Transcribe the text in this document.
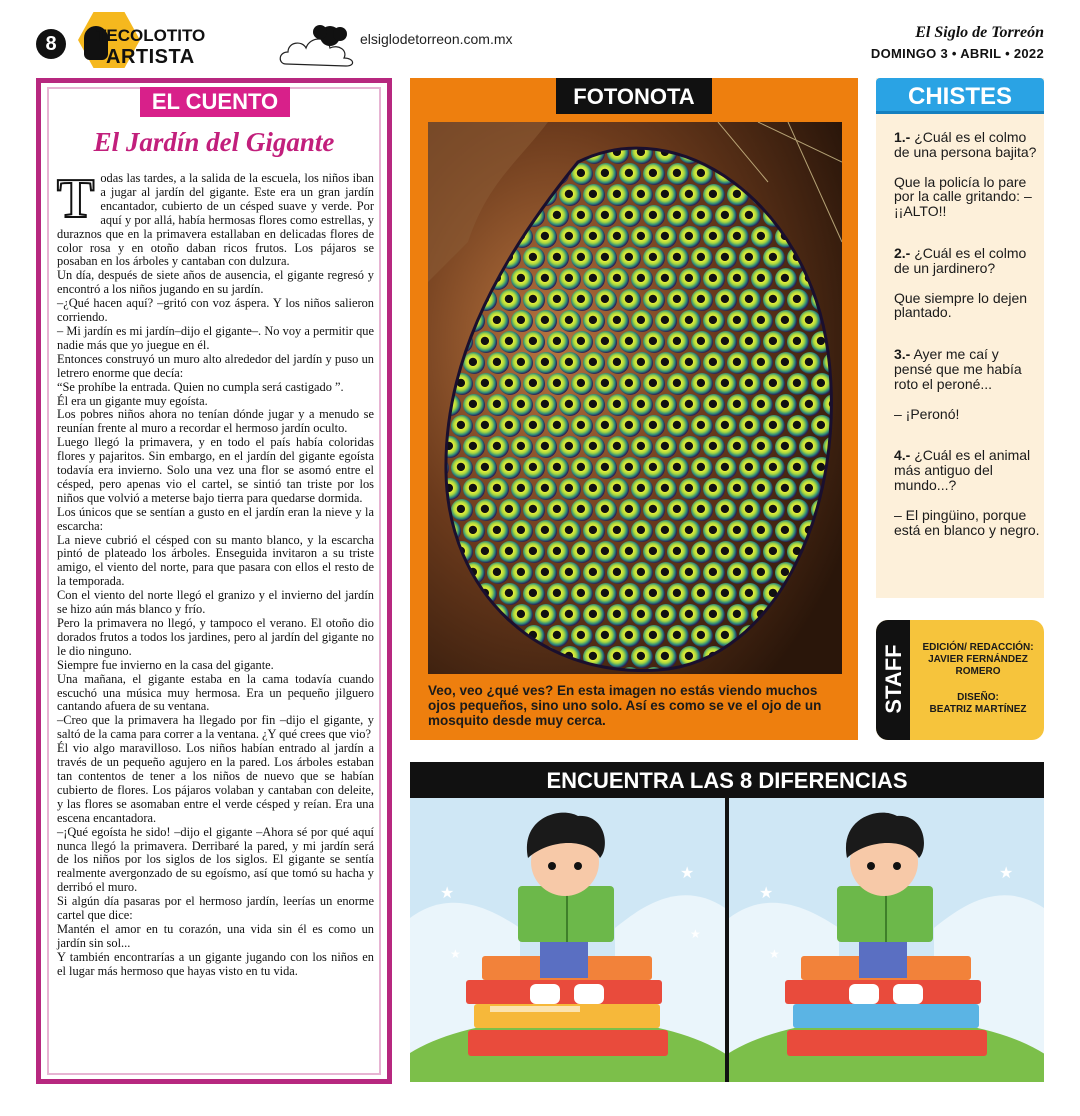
8	TECOLOTITO
ARTISTA
elsiglodetorreon.com.mx	El Siglo de Torreón
DOMINGO 3 • ABRIL • 2022
EL CUENTO
El Jardín del Gigante

Todas las tardes, a la salida de la escuela, los niños iban a jugar al jardín del gigante. Este era un gran jardín encantador, cubierto de un césped suave y verde. Por aquí y por allá, había hermosas flores como estrellas, y duraznos que en la primavera estallaban en delicadas flores de color rosa y en otoño daban ricos frutos. Los pájaros se posaban en los árboles y cantaban con dulzura.

Un día, después de siete años de ausencia, el gigante regresó y encontró a los niños jugando en su jardín.

–¿Qué hacen aquí? –gritó con voz áspera. Y los niños salieron corriendo.

– Mi jardín es mi jardín–dijo el gigante–. No voy a permitir que nadie más que yo juegue en él.

Entonces construyó un muro alto alrededor del jardín y puso un letrero enorme que decía:

“Se prohíbe la entrada. Quien no cumpla será castigado ”.

Él era un gigante muy egoísta.

Los pobres niños ahora no tenían dónde jugar y a menudo se reunían frente al muro a recordar el hermoso jardín oculto.

Luego llegó la primavera, y en todo el país había coloridas flores y pajaritos. Sin embargo, en el jardín del gigante egoísta todavía era invierno. Solo una vez una flor se asomó entre el césped, pero apenas vio el cartel, se sintió tan triste por los niños que volvió a meterse bajo tierra para quedarse dormida.

Los únicos que se sentían a gusto en el jardín eran la nieve y la escarcha:

La nieve cubrió el césped con su manto blanco, y la escarcha pintó de plateado los árboles. Enseguida invitaron a su triste amigo, el viento del norte, para que pasara con ellos el resto de la temporada.

Con el viento del norte llegó el granizo y el invierno del jardín se hizo aún más blanco y frío.

Pero la primavera no llegó, y tampoco el verano. El otoño dio dorados frutos a todos los jardines, pero al jardín del gigante no le dio ninguno.

Siempre fue invierno en la casa del gigante.

Una mañana, el gigante estaba en la cama todavía cuando escuchó una música muy hermosa. Era un pequeño jilguero cantando afuera de su ventana.

–Creo que la primavera ha llegado por fin –dijo el gigante, y saltó de la cama para correr a la ventana. ¿Y qué crees que vio?

Él vio algo maravilloso. Los niños habían entrado al jardín a través de un pequeño agujero en la pared. Los árboles estaban tan contentos de tener a los niños de nuevo que se habían cubierto de flores. Los pájaros volaban y cantaban con deleite, y las flores se asomaban entre el verde césped y reían. Era una escena encantadora.

–¡Qué egoísta he sido! –dijo el gigante –Ahora sé por qué aquí nunca llegó la primavera. Derribaré la pared, y mi jardín será de los niños por los siglos de los siglos. El gigante se sentía realmente avergonzado de su egoísmo, así que tomó su hacha y derribó el muro.

Si algún día pasaras por el hermoso jardín, leerías un enorme cartel que dice:

Mantén el amor en tu corazón, una vida sin él es como un jardín sin sol...

Y también encontrarías a un gigante jugando con los niños en el lugar más hermoso que hayas visto en tu vida.

FOTONOTA
Veo, veo ¿qué ves? En esta imagen no estás viendo muchos ojos pequeños, sino uno solo. Así es como se ve el ojo de un mosquito desde muy cerca.
CHISTES
1.- ¿Cuál es el colmo de una persona bajita?
Que la policía lo pare por la calle gritando: – ¡¡ALTO!!
2.- ¿Cuál es el colmo de un jardinero?
Que siempre lo dejen plantado.
3.- Ayer me caí y pensé que me había roto el peroné...
– ¡Peronó!
4.- ¿Cuál es el animal más antiguo del mundo...?
– El pingüino, porque está en blanco y negro.
STAFF	EDICIÓN/ REDACCIÓN:
JAVIER FERNÁNDEZ ROMERO
DISEÑO:
BEATRIZ MARTÍNEZ
ENCUENTRA LAS 8 DIFERENCIAS
★
★
★
★
★
★
★
